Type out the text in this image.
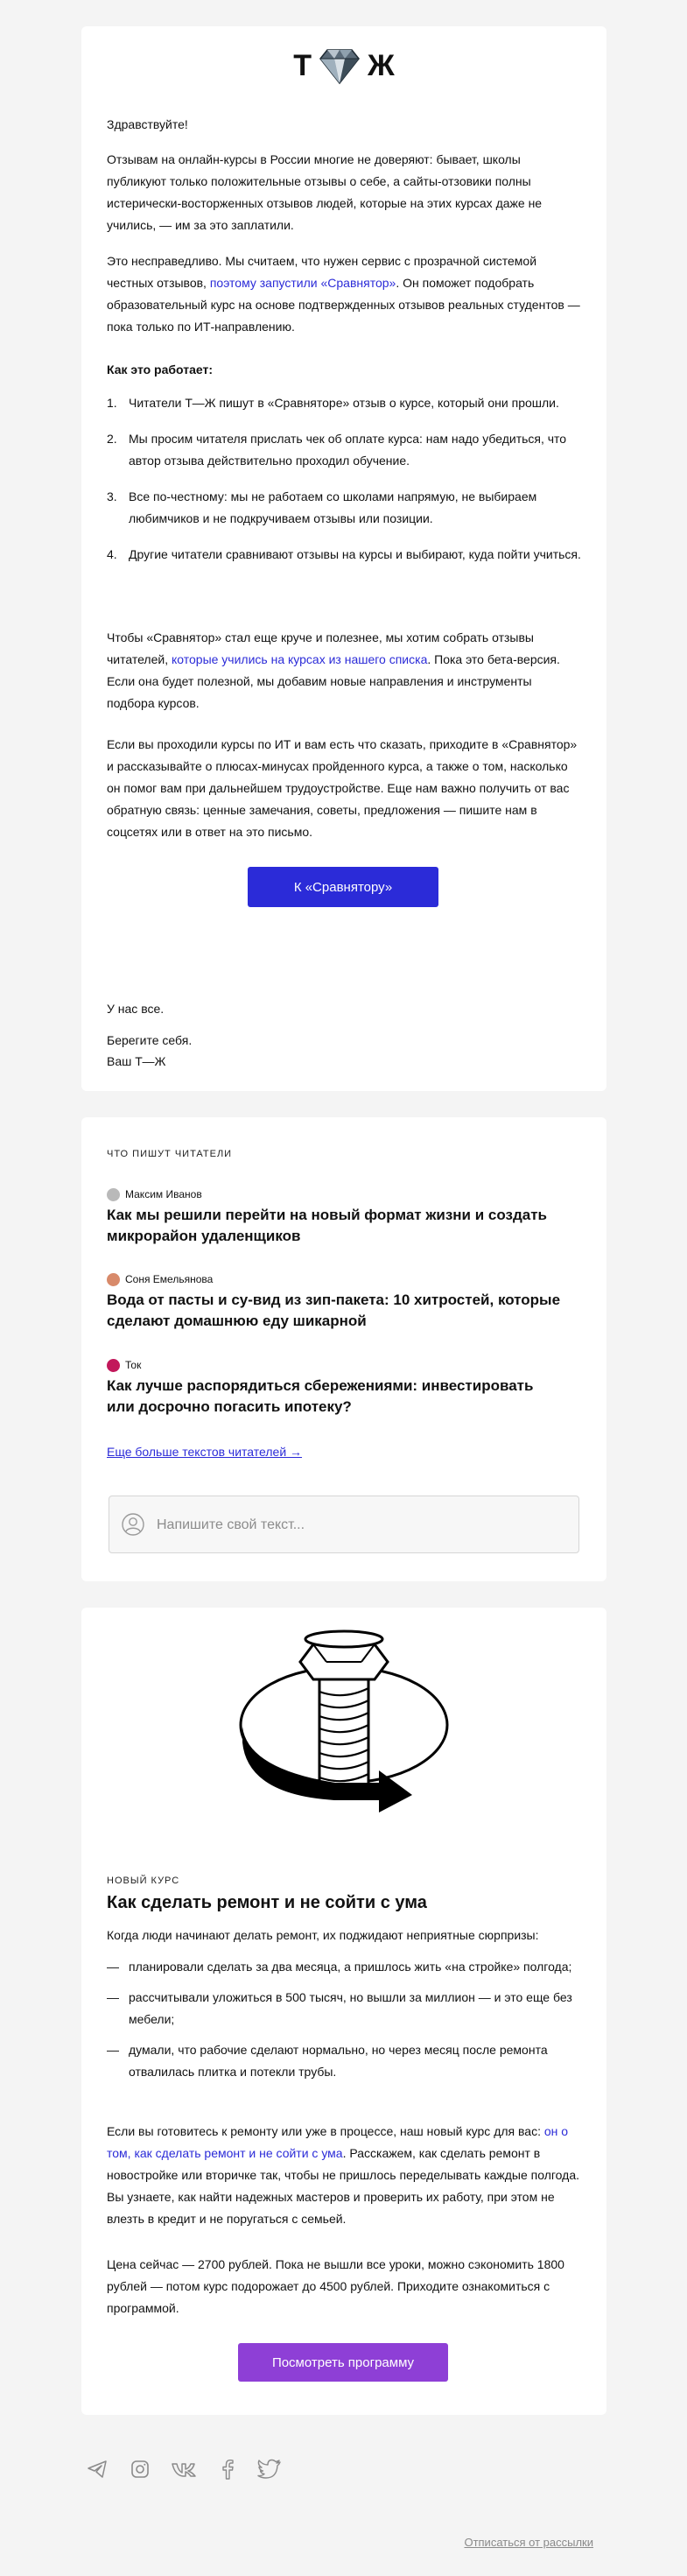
Т Ж

Здравствуйте!

Отзывам на онлайн-курсы в России многие не доверяют: бывает, школы публикуют только положительные отзывы о себе, а сайты-отзовики полны истерически-восторженных отзывов людей, которые на этих курсах даже не учились, — им за это заплатили.

Это несправедливо. Мы считаем, что нужен сервис с прозрачной системой честных отзывов, поэтому запустили «Сравнятор». Он поможет подобрать образовательный курс на основе подтвержденных отзывов реальных студентов — пока только по ИТ-направлению.

Как это работает:

1. Читатели Т—Ж пишут в «Сравняторе» отзыв о курсе, который они прошли.
2. Мы просим читателя прислать чек об оплате курса: нам надо убедиться, что автор отзыва действительно проходил обучение.
3. Все по-честному: мы не работаем со школами напрямую, не выбираем любимчиков и не подкручиваем отзывы или позиции.
4. Другие читатели сравнивают отзывы на курсы и выбирают, куда пойти учиться.

Чтобы «Сравнятор» стал еще круче и полезнее, мы хотим собрать отзывы читателей, которые учились на курсах из нашего списка. Пока это бета-версия. Если она будет полезной, мы добавим новые направления и инструменты подбора курсов.

Если вы проходили курсы по ИТ и вам есть что сказать, приходите в «Сравнятор» и рассказывайте о плюсах-минусах пройденного курса, а также о том, насколько он помог вам при дальнейшем трудоустройстве. Еще нам важно получить от вас обратную связь: ценные замечания, советы, предложения — пишите нам в соцсетях или в ответ на это письмо.

К «Сравнятору»

У нас все.

Берегите себя.

Ваш Т—Ж

ЧТО ПИШУТ ЧИТАТЕЛИ
Максим Иванов
Как мы решили перейти на новый формат жизни и создать микрорайон удаленщиков
Соня Емельянова
Вода от пасты и су-вид из зип-пакета: 10 хитростей, которые сделают домашнюю еду шикарной
Ток
Как лучше распорядиться сбережениями: инвестировать или досрочно погасить ипотеку?
Еще больше текстов читателей →
Напишите свой текст...
НОВЫЙ КУРС
Как сделать ремонт и не сойти с ума

Когда люди начинают делать ремонт, их поджидают неприятные сюрпризы:

— планировали сделать за два месяца, а пришлось жить «на стройке» полгода;
— рассчитывали уложиться в 500 тысяч, но вышли за миллион — и это еще без мебели;
— думали, что рабочие сделают нормально, но через месяц после ремонта отвалилась плитка и потекли трубы.

Если вы готовитесь к ремонту или уже в процессе, наш новый курс для вас: он о том, как сделать ремонт и не сойти с ума. Расскажем, как сделать ремонт в новостройке или вторичке так, чтобы не пришлось переделывать каждые полгода. Вы узнаете, как найти надежных мастеров и проверить их работу, при этом не влезть в кредит и не поругаться с семьей.

Цена сейчас — 2700 рублей. Пока не вышли все уроки, можно сэкономить 1800 рублей — потом курс подорожает до 4500 рублей. Приходите ознакомиться с программой.

Посмотреть программу
Отписаться от рассылки
